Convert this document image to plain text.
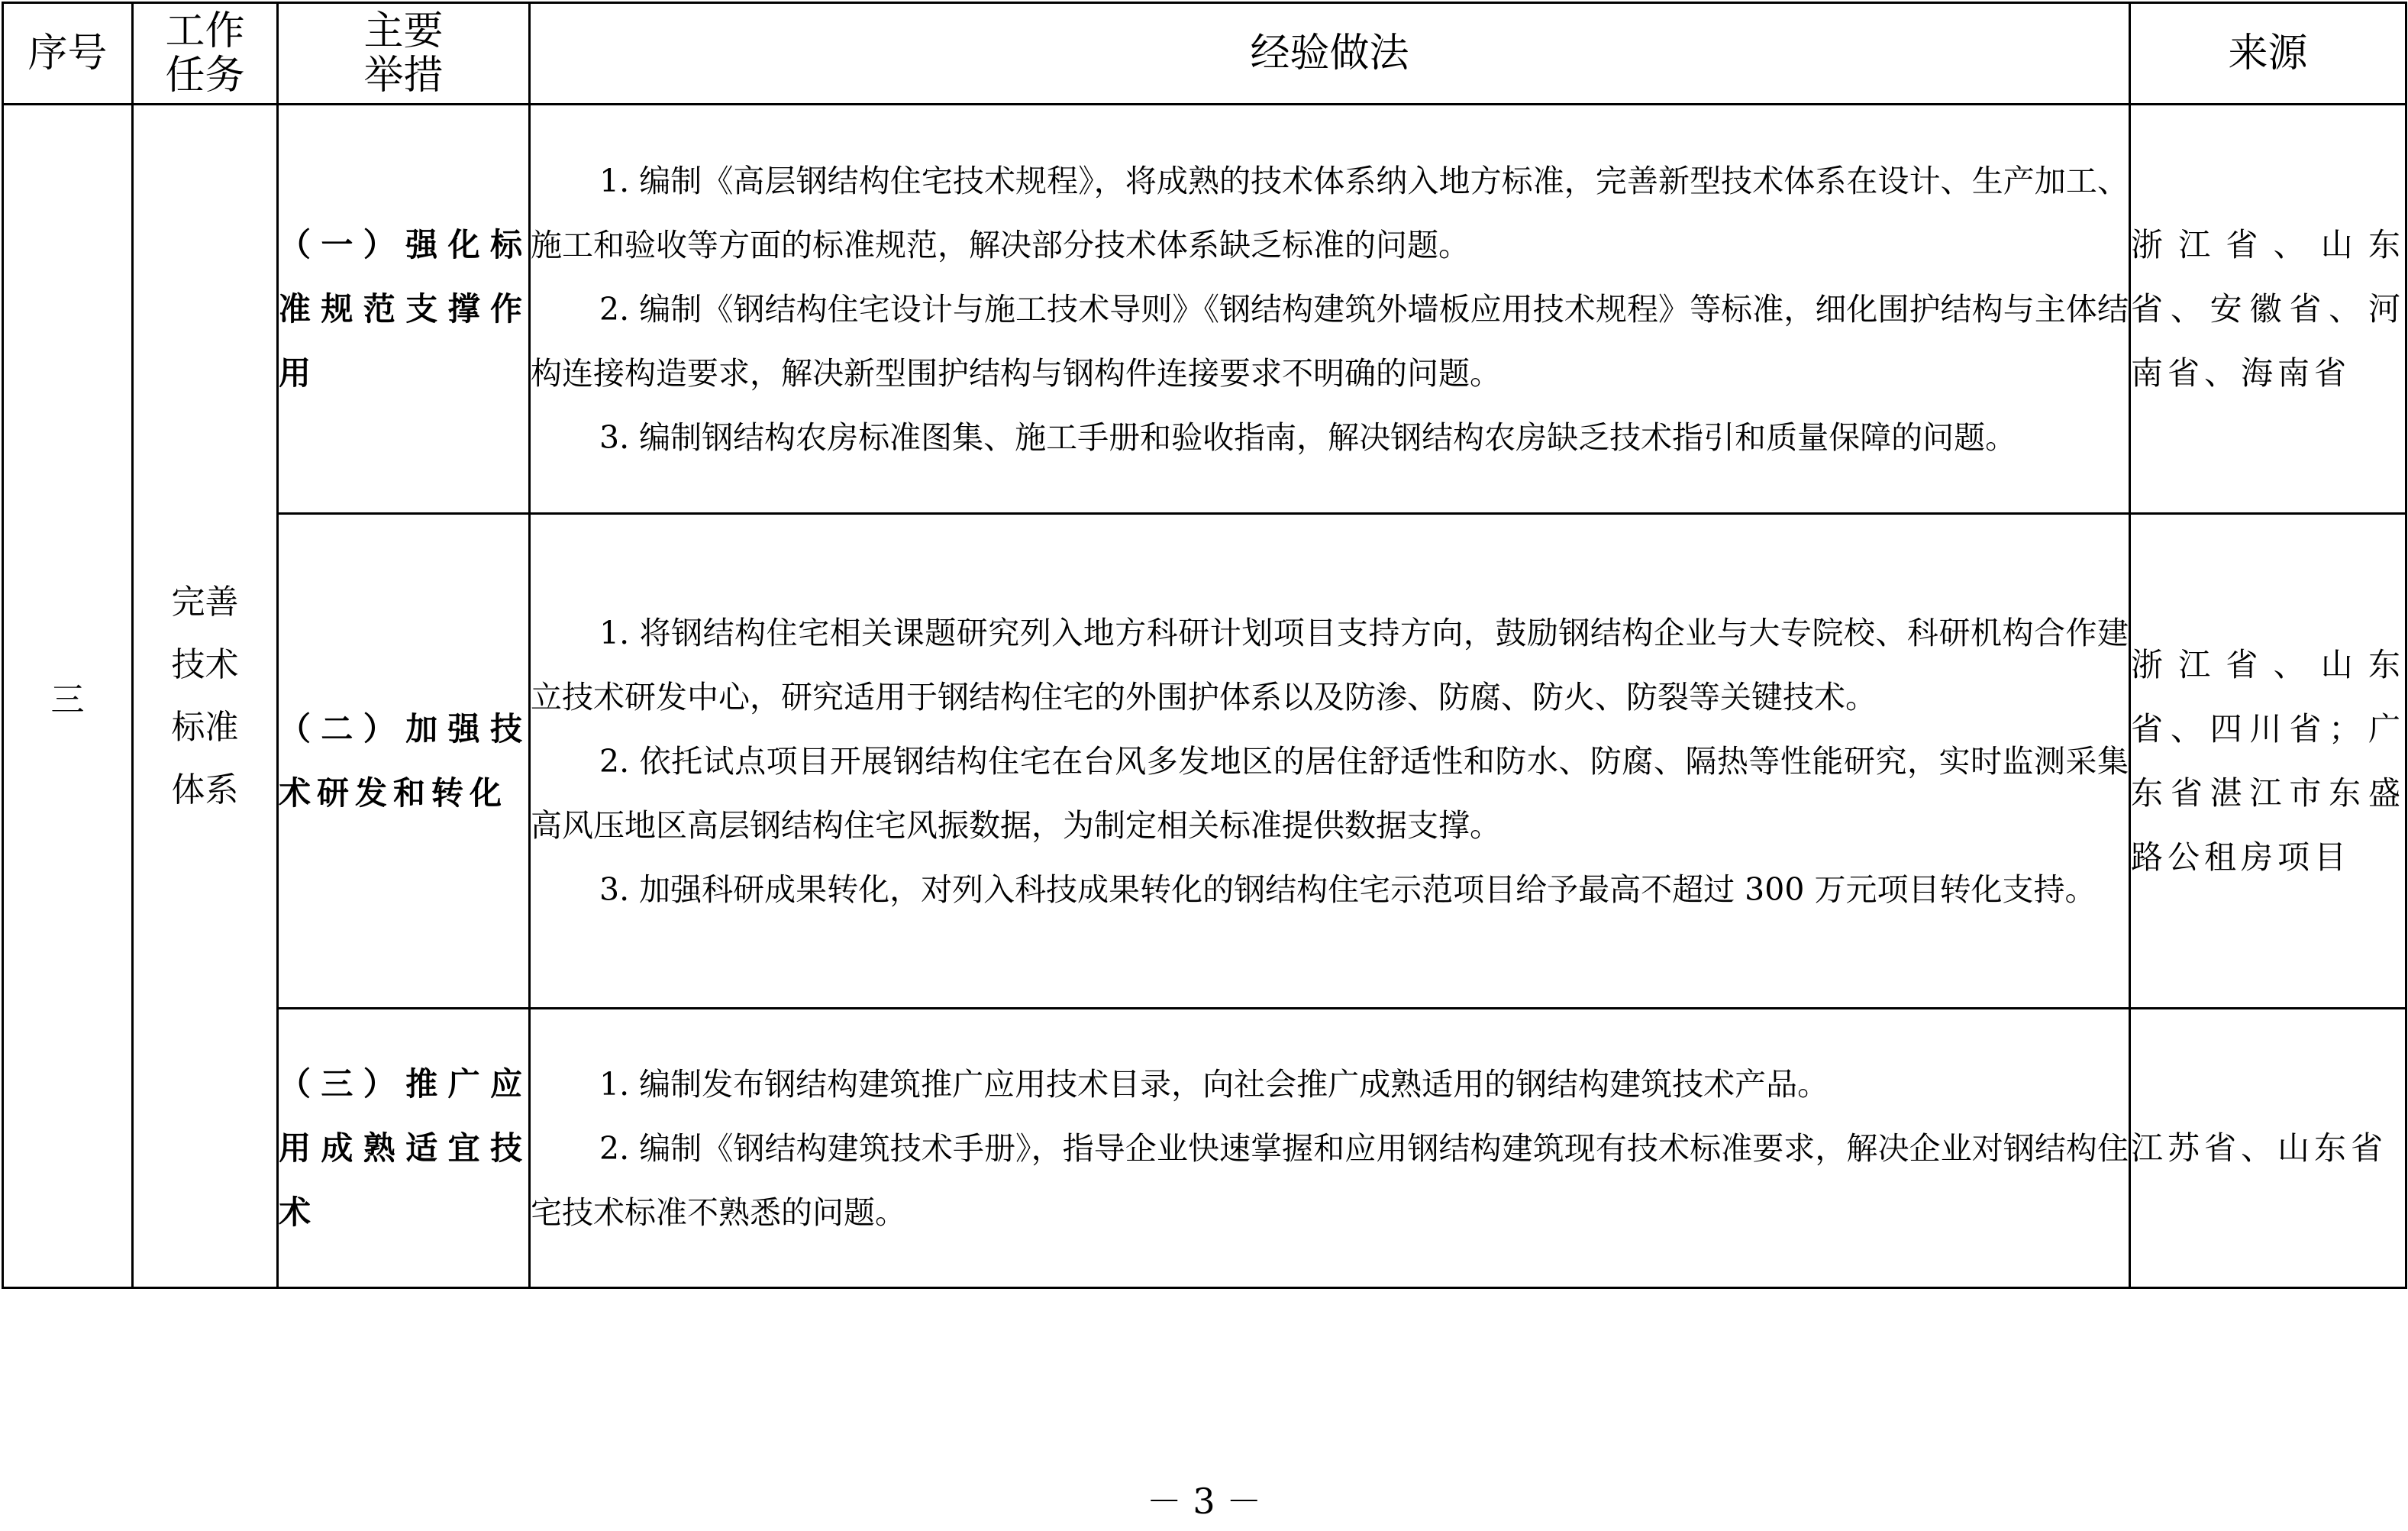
序号	工作任务	主要举措	经验做法	来源
三	完善技术标准体系	（一）强化标准规范支撑作用	1. 编制《高层钢结构住宅技术规程》，将成熟的技术体系纳入地方标准，完善新型技术体系在设计、生产加工、施工和验收等方面的标准规范，解决部分技术体系缺乏标准的问题。

2. 编制《钢结构住宅设计与施工技术导则》《钢结构建筑外墙板应用技术规程》等标准，细化围护结构与主体结构连接构造要求，解决新型围护结构与钢构件连接要求不明确的问题。

3. 编制钢结构农房标准图集、施工手册和验收指南，解决钢结构农房缺乏技术指引和质量保障的问题。	浙江省、山东省、安徽省、河南省、海南省
		（二）加强技术研发和转化	1. 将钢结构住宅相关课题研究列入地方科研计划项目支持方向，鼓励钢结构企业与大专院校、科研机构合作建立技术研发中心，研究适用于钢结构住宅的外围护体系以及防渗、防腐、防火、防裂等关键技术。

2. 依托试点项目开展钢结构住宅在台风多发地区的居住舒适性和防水、防腐、隔热等性能研究，实时监测采集高风压地区高层钢结构住宅风振数据，为制定相关标准提供数据支撑。

3. 加强科研成果转化，对列入科技成果转化的钢结构住宅示范项目给予最高不超过 300 万元项目转化支持。	浙江省、山东省、四川省；广东省湛江市东盛路公租房项目
		（三）推广应用成熟适宜技术	1. 编制发布钢结构建筑推广应用技术目录，向社会推广成熟适用的钢结构建筑技术产品。

2. 编制《钢结构建筑技术手册》，指导企业快速掌握和应用钢结构建筑现有技术标准要求，解决企业对钢结构住宅技术标准不熟悉的问题。	江苏省、山东省
－ 3 －
